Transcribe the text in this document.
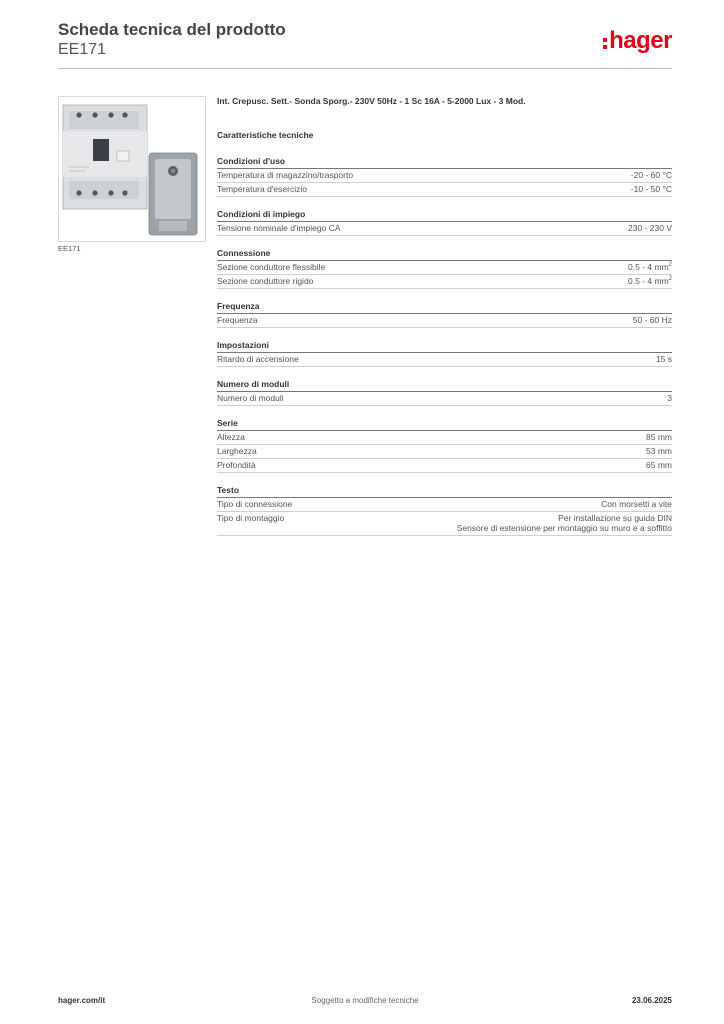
Scheda tecnica del prodotto
EE171	hager
EE171
Int. Crepusc. Sett.- Sonda Sporg.- 230V 50Hz - 1 Sc 16A - 5-2000 Lux - 3 Mod.
Caratteristiche tecniche
Condizioni d'uso
Temperatura di magazzino/trasporto	-20 - 60 °C
Temperatura d'esercizio	-10 - 50 °C
Condizioni di impiego
Tensione nominale d'impiego CA	230 - 230 V
Connessione
Sezione conduttore flessibile	0.5 - 4 $mm^2$
Sezione conduttore rigido	0.5 - 4 $mm^2$
Frequenza
Frequenza	50 - 60 Hz
Impostazioni
Ritardo di accensione	15 s
Numero di moduli
Numero di moduli	3
Serie
Altezza	85 mm
Larghezza	53 mm
Profondità	65 mm
Testo
Tipo di connessione	Con morsetti a vite
Tipo di montaggio	Per installazione su guida DIN
Sensore di estensione per montaggio su muro e a soffitto
hager.com/it	Soggetto a modifiche tecniche	23.06.2025
